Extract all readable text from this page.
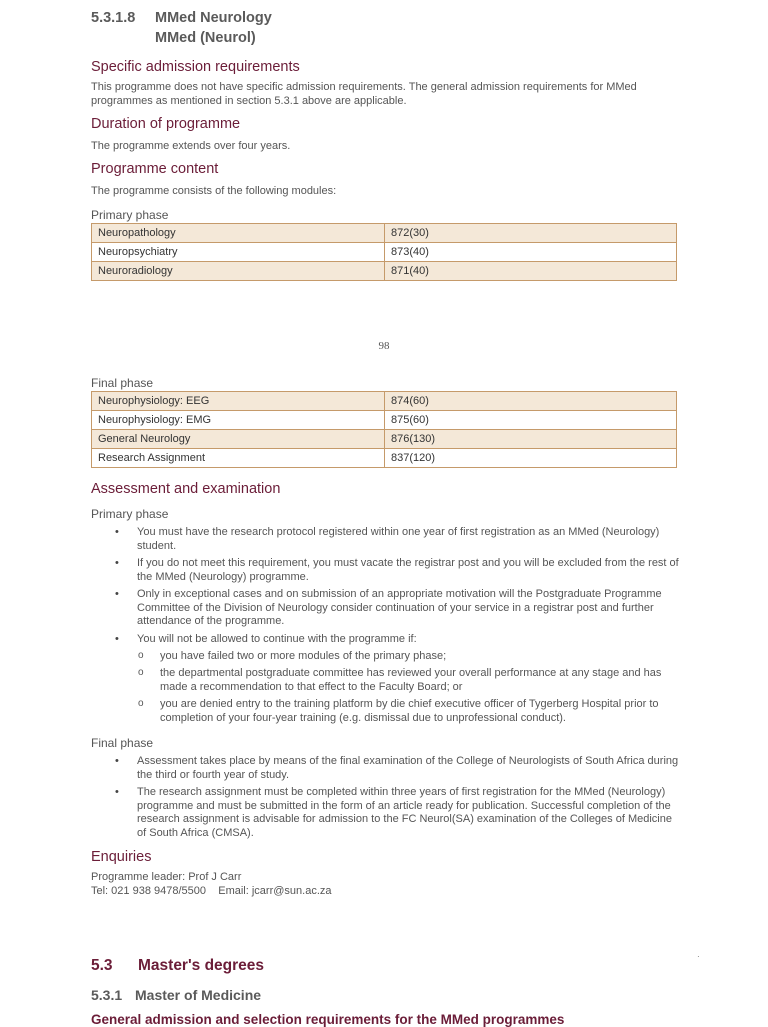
5.3.1.8	MMed Neurology
MMed (Neurol)
Specific admission requirements

This programme does not have specific admission requirements. The general admission requirements for MMed programmes as mentioned in section 5.3.1 above are applicable.

Duration of programme

The programme extends over four years.

Programme content

The programme consists of the following modules:

Primary phase
Neuropathology	872(30)
Neuropsychiatry	873(40)
Neuroradiology	871(40)
98
Final phase
Neurophysiology: EEG	874(60)
Neurophysiology: EMG	875(60)
General Neurology	876(130)
Research Assignment	837(120)
Assessment and examination
Primary phase
• You must have the research protocol registered within one year of first registration as an MMed (Neurology) student.
• If you do not meet this requirement, you must vacate the registrar post and you will be excluded from the rest of the MMed (Neurology) programme.
• Only in exceptional cases and on submission of an appropriate motivation will the Postgraduate Programme Committee of the Division of Neurology consider continuation of your service in a registrar post and further attendance of the programme.
• You will not be allowed to continue with the programme if:
o you have failed two or more modules of the primary phase;
o the departmental postgraduate committee has reviewed your overall performance at any stage and has made a recommendation to that effect to the Faculty Board; or
o you are denied entry to the training platform by die chief executive officer of Tygerberg Hospital prior to completion of your four-year training (e.g. dismissal due to unprofessional conduct).
Final phase
• Assessment takes place by means of the final examination of the College of Neurologists of South Africa during the third or fourth year of study.
• The research assignment must be completed within three years of first registration for the MMed (Neurology) programme and must be submitted in the form of an article ready for publication. Successful completion of the research assignment is advisable for admission to the FC Neurol(SA) examination of the Colleges of Medicine of South Africa (CMSA).
Enquiries

Programme leader: Prof J Carr

Tel: 021 938 9478/5500 Email: jcarr@sun.ac.za

·
5.3 Master's degrees
5.3.1 Master of Medicine
General admission and selection requirements for the MMed programmes
